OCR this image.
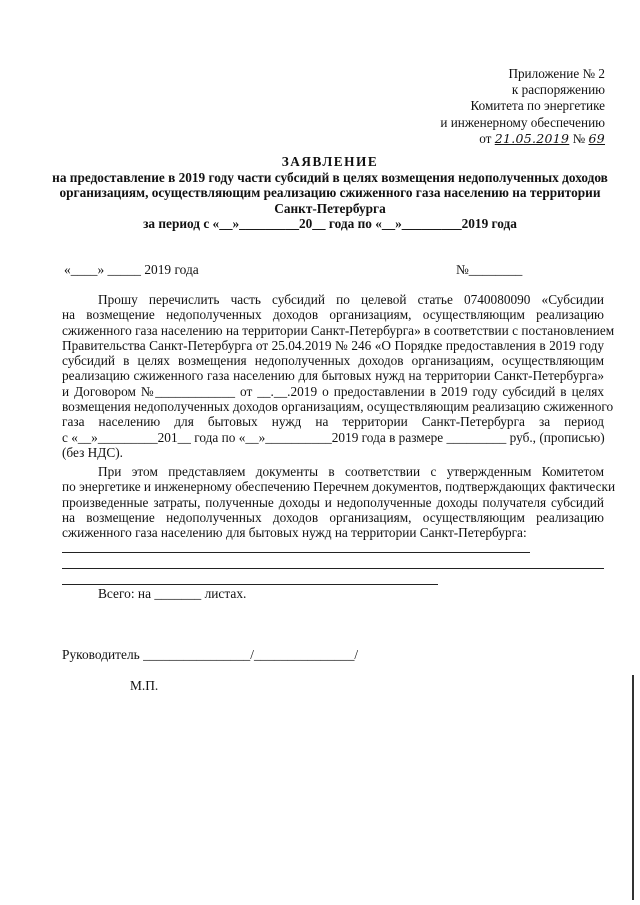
Приложение № 2
к распоряжению
Комитета по энергетике
и инженерному обеспечению
от 21.05.2019 № 69
ЗАЯВЛЕНИЕ
на предоставление в 2019 году части субсидий в целях возмещения недополученных доходов
организациям, осуществляющим реализацию сжиженного газа населению на территории
Санкт-Петербурга
за период с «__»_________20__ года по «__»_________2019 года
«____» _____ 2019 года	№________
Прошу перечислить часть субсидий по целевой статье 0740080090 «Субсидии
на возмещение недополученных доходов организациям, осуществляющим реализацию
сжиженного газа населению на территории Санкт-Петербурга» в соответствии с постановлением
Правительства Санкт-Петербурга от 25.04.2019 № 246 «О Порядке предоставления в 2019 году
субсидий в целях возмещения недополученных доходов организациям, осуществляющим
реализацию сжиженного газа населению для бытовых нужд на территории Санкт-Петербурга»
и Договором №____________ от __.__.2019 о предоставлении в 2019 году субсидий в целях
возмещения недополученных доходов организациям, осуществляющим реализацию сжиженного
газа населению для бытовых нужд на территории Санкт-Петербурга за период
с «__»_________201__ года по «__»__________2019 года в размере _________ руб., (прописью)
(без НДС).
При этом представляем документы в соответствии с утвержденным Комитетом
по энергетике и инженерному обеспечению Перечнем документов, подтверждающих фактически
произведенные затраты, полученные доходы и недополученные доходы получателя субсидий
на возмещение недополученных доходов организациям, осуществляющим реализацию
сжиженного газа населению для бытовых нужд на территории Санкт-Петербурга:
Всего: на _______ листах.
Руководитель ________________/_______________/
М.П.
